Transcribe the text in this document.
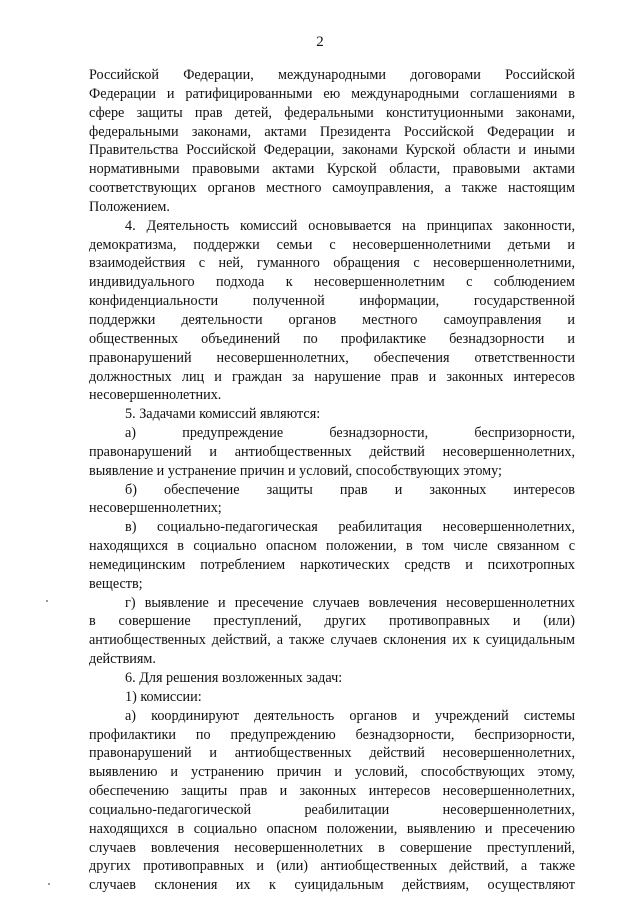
2
Российской Федерации, международными договорами Российской
Федерации и ратифицированными ею международными соглашениями в
сфере защиты прав детей, федеральными конституционными законами,
федеральными законами, актами Президента Российской Федерации и
Правительства Российской Федерации, законами Курской области и иными
нормативными правовыми актами Курской области, правовыми актами
соответствующих органов местного самоуправления, а также настоящим
Положением.
4. Деятельность комиссий основывается на принципах законности,
демократизма, поддержки семьи с несовершеннолетними детьми и
взаимодействия с ней, гуманного обращения с несовершеннолетними,
индивидуального подхода к несовершеннолетним с соблюдением
конфиденциальности полученной информации, государственной
поддержки деятельности органов местного самоуправления и
общественных объединений по профилактике безнадзорности и
правонарушений несовершеннолетних, обеспечения ответственности
должностных лиц и граждан за нарушение прав и законных интересов
несовершеннолетних.
5. Задачами комиссий являются:
а) предупреждение безнадзорности, беспризорности,
правонарушений и антиобщественных действий несовершеннолетних,
выявление и устранение причин и условий, способствующих этому;
б) обеспечение защиты прав и законных интересов
несовершеннолетних;
в) социально-педагогическая реабилитация несовершеннолетних,
находящихся в социально опасном положении, в том числе связанном с
немедицинским потреблением наркотических средств и психотропных
веществ;
г) выявление и пресечение случаев вовлечения несовершеннолетних
в совершение преступлений, других противоправных и (или)
антиобщественных действий, а также случаев склонения их к суицидальным
действиям.
6. Для решения возложенных задач:
1) комиссии:
а) координируют деятельность органов и учреждений системы
профилактики по предупреждению безнадзорности, беспризорности,
правонарушений и антиобщественных действий несовершеннолетних,
выявлению и устранению причин и условий, способствующих этому,
обеспечению защиты прав и законных интересов несовершеннолетних,
социально-педагогической реабилитации несовершеннолетних,
находящихся в социально опасном положении, выявлению и пресечению
случаев вовлечения несовершеннолетних в совершение преступлений,
других противоправных и (или) антиобщественных действий, а также
случаев склонения их к суицидальным действиям, осуществляют
